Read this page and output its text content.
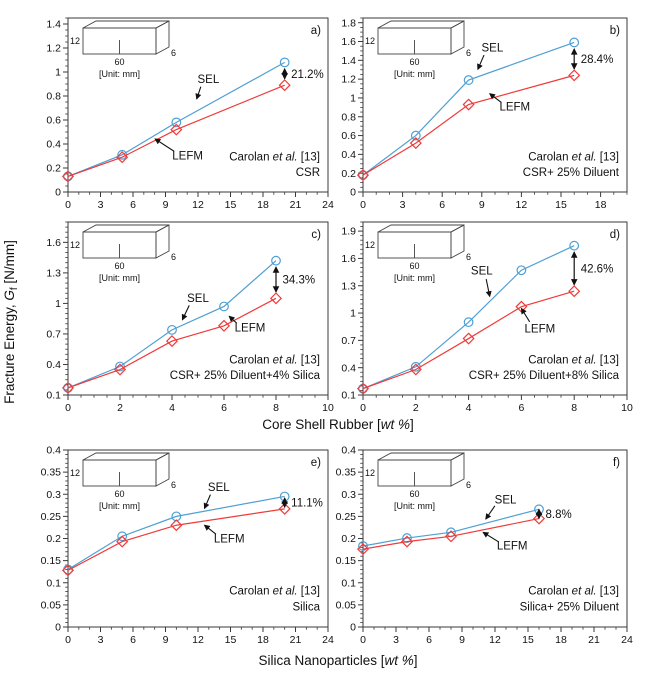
0	3	6	9 12 15 18 21 24
0
0.2
0.4
0.6
0.8
1
1.2
1.4
12
60
6
[Unit: mm]	SEL
LEFM
21.2%
Carolan et al. [13]
CSR
a)
0	3	6	9	12	15	18
0
0.2
0.4
0.6
0.8
1
1.2
1.4
1.6
1.8
12
60
6
[Unit: mm]
SEL
LEFM
28.4%
Carolan et al. [13]
CSR+ 25% Diluent
b)
0	2	4	6	8	10
0.1
0.4
0.7
1
1.3
1.6 12
60
6
[Unit: mm]
SEL
LEFM
34.3%
Carolan et al. [13]
CSR+ 25% Diluent+4% Silica
c)
0	2	4	6	8	10
0.1
0.4
0.7
1
1.3
1.6
1.9
12
60
6
[Unit: mm]
SEL
LEFM
42.6%
Carolan et al. [13]
CSR+ 25% Diluent+8% Silica
d)
0	3	6	9 12 15 18 21 24
0
0.05
0.1
0.15
0.2
0.25
0.3
0.35
0.4
12
60
6
[Unit: mm]
SEL
LEFM
11.1%
Carolan et al. [13]
Silica
e)
0	3	6	9 12 15 18 21 24
0
0.05
0.1
0.15
0.2
0.25
0.3
0.35
0.4
12
60
6
[Unit: mm]	SEL
LEFM
8.8%
Carolan et al. [13]
Silica+ 25% Diluent
f)
Fracture Energy, $G_f$ [N/mm]
Core Shell Rubber [wt %]
Silica Nanoparticles [wt %]
